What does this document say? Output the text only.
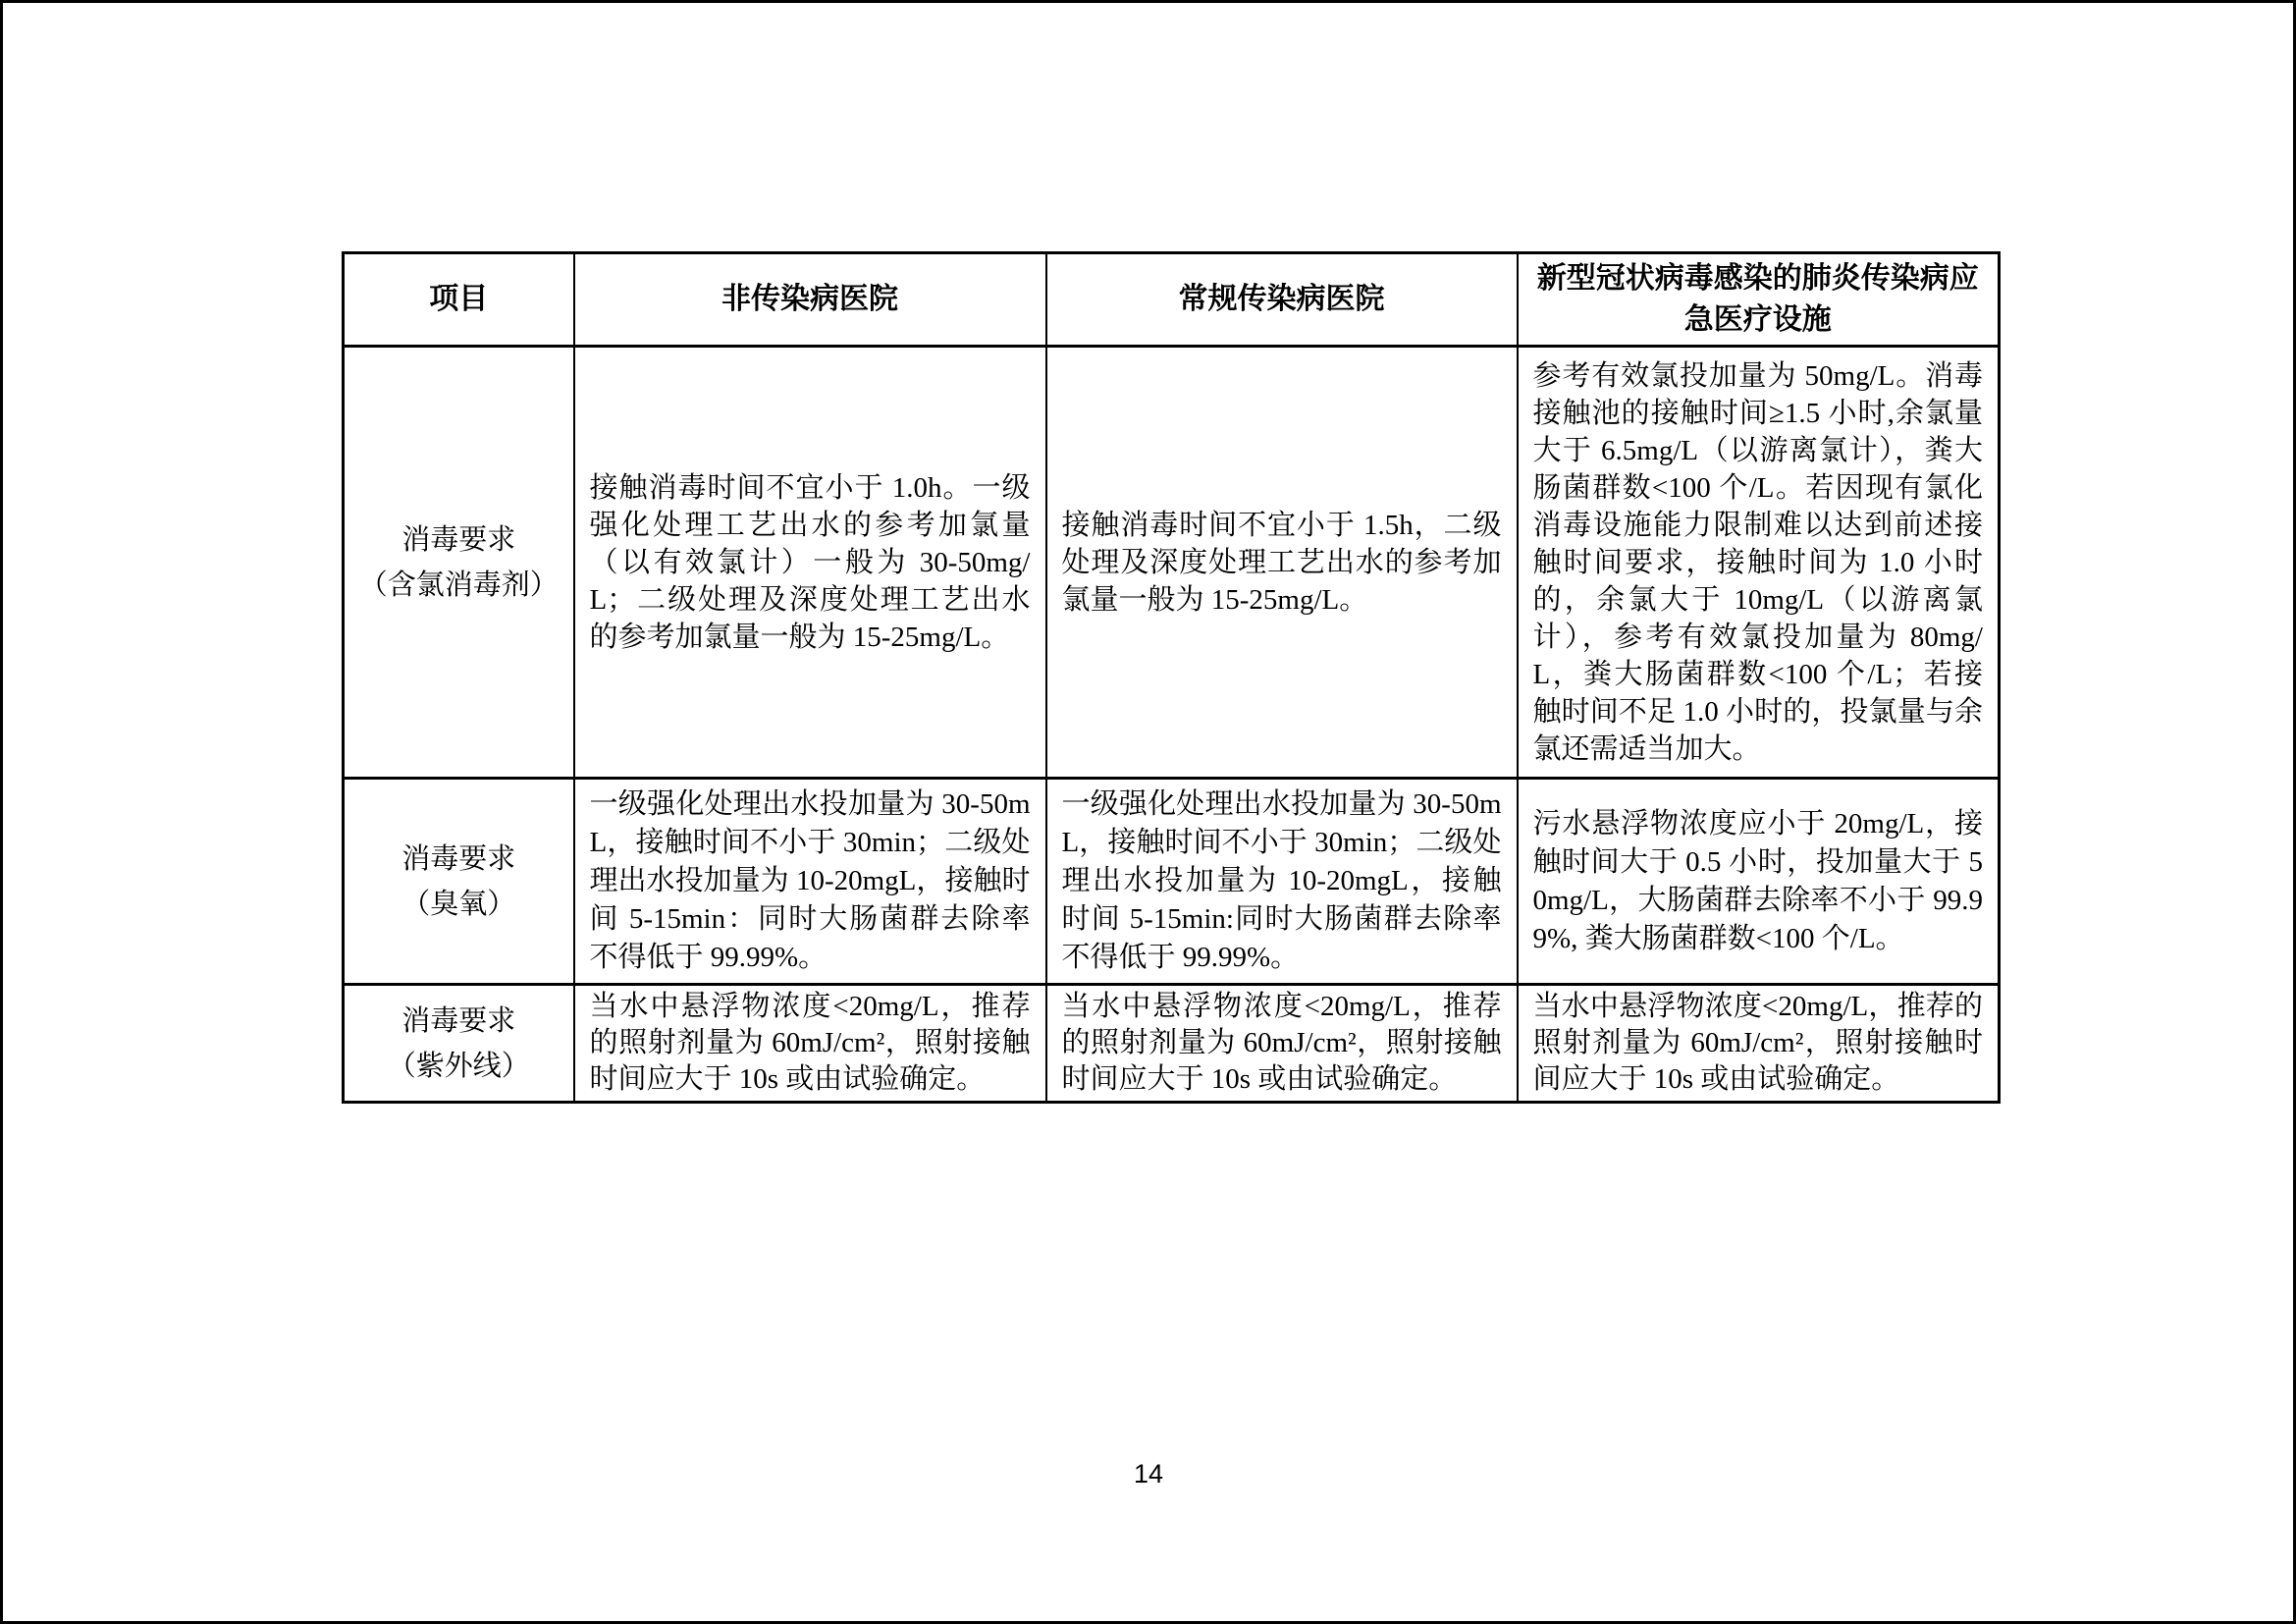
项目	非传染病医院	常规传染病医院	新型冠状病毒感染的肺炎传染病应急医疗设施

消毒要求
（含氯消毒剂）	接触消毒时间不宜小于 1.0h。一级强化处理工艺出水的参考加氯量（以有效氯计）一般为 30-50mg/L；二级处理及深度处理工艺出水的参考加氯量一般为 15-25mg/L。	接触消毒时间不宜小于 1.5h，二级处理及深度处理工艺出水的参考加氯量一般为 15-25mg/L。	参考有效氯投加量为 50mg/L。消毒接触池的接触时间≥1.5 小时,余氯量大于 6.5mg/L（以游离氯计），粪大肠菌群数<100 个/L。若因现有氯化消毒设施能力限制难以达到前述接触时间要求，接触时间为 1.0 小时的，余氯大于 10mg/L（以游离氯计），参考有效氯投加量为 80mg/L，粪大肠菌群数<100 个/L；若接触时间不足 1.0 小时的，投氯量与余氯还需适当加大。

消毒要求
（臭氧）	一级强化处理出水投加量为 30-50mL，接触时间不小于 30min；二级处理出水投加量为 10-20mgL，接触时间 5-15min：同时大肠菌群去除率不得低于 99.99%。	一级强化处理出水投加量为 30-50mL，接触时间不小于 30min；二级处理出水投加量为 10-20mgL，接触时间 5-15min:同时大肠菌群去除率不得低于 99.99%。	污水悬浮物浓度应小于 20mg/L，接触时间大于 0.5 小时，投加量大于 50mg/L，大肠菌群去除率不小于 99.99%, 粪大肠菌群数<100 个/L。

消毒要求
（紫外线）	当水中悬浮物浓度<20mg/L，推荐的照射剂量为 60mJ/cm²，照射接触时间应大于 10s 或由试验确定。	当水中悬浮物浓度<20mg/L，推荐的照射剂量为 60mJ/cm²，照射接触时间应大于 10s 或由试验确定。	当水中悬浮物浓度<20mg/L，推荐的照射剂量为 60mJ/cm²，照射接触时间应大于 10s 或由试验确定。
14
